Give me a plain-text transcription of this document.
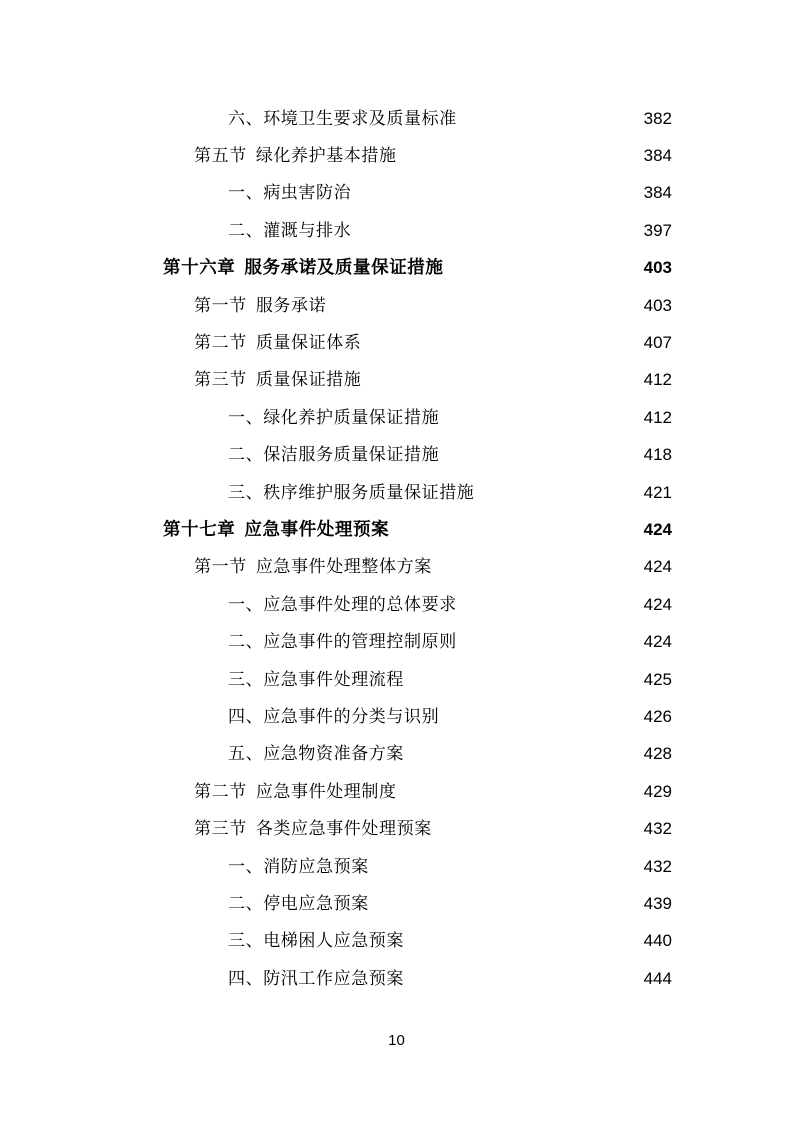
六、环境卫生要求及质量标准	382
第五节 绿化养护基本措施	384
一、病虫害防治	384
二、灌溉与排水	397
第十六章 服务承诺及质量保证措施	403
第一节 服务承诺	403
第二节 质量保证体系	407
第三节 质量保证措施	412
一、绿化养护质量保证措施	412
二、保洁服务质量保证措施	418
三、秩序维护服务质量保证措施	421
第十七章 应急事件处理预案	424
第一节 应急事件处理整体方案	424
一、应急事件处理的总体要求	424
二、应急事件的管理控制原则	424
三、应急事件处理流程	425
四、应急事件的分类与识别	426
五、应急物资准备方案	428
第二节 应急事件处理制度	429
第三节 各类应急事件处理预案	432
一、消防应急预案	432
二、停电应急预案	439
三、电梯困人应急预案	440
四、防汛工作应急预案	444
10
